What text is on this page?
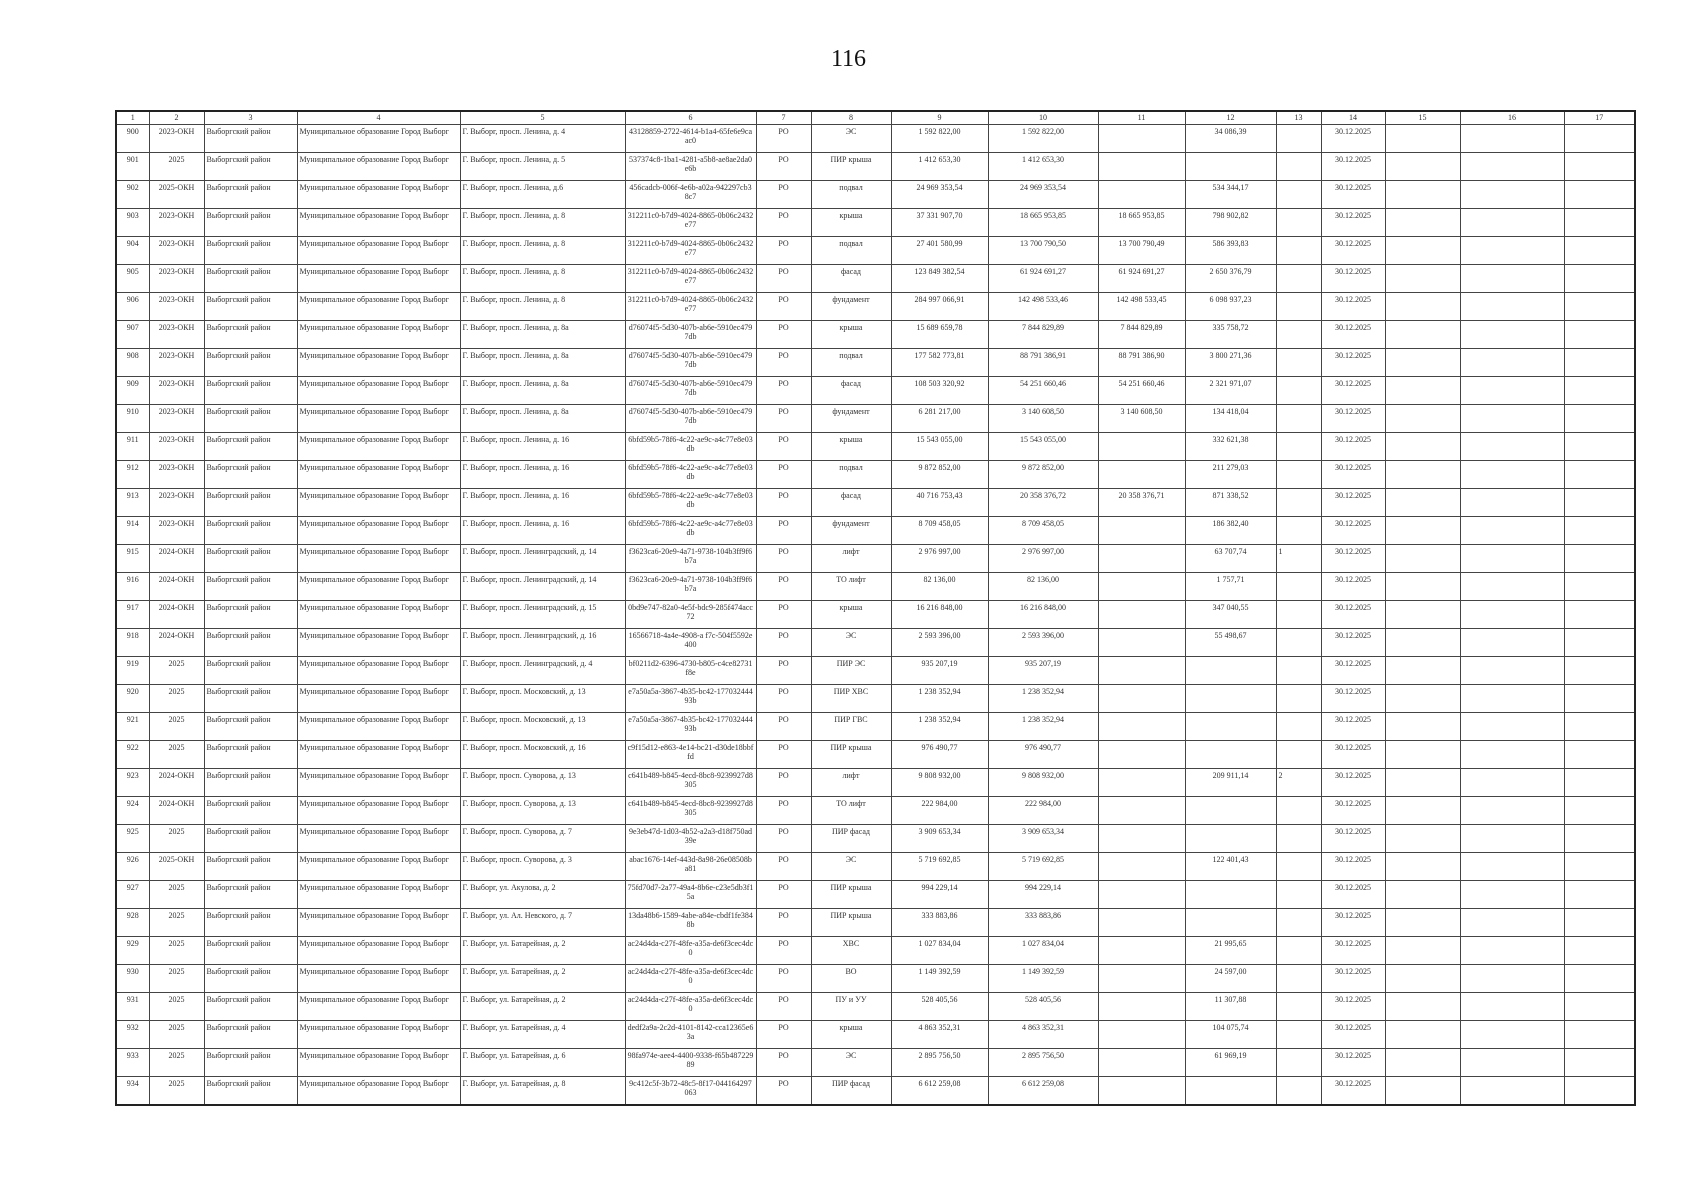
116
1	2	3	4	5	6	7	8	9	10	11	12	13	14	15	16	17
900	2023-ОКН	Выборгский район	Муниципальное образование Город Выборг	Г. Выборг, просп. Ленина, д. 4	43128859-2722-4614-b1a4-65fe6e9caac0	РО	ЭС	1 592 822,00	1 592 822,00		34 086,39		30.12.2025			
901	2025	Выборгский район	Муниципальное образование Город Выборг	Г. Выборг, просп. Ленина, д. 5	537374c8-1ba1-4281-a5b8-ae8ae2da0e6b	РО	ПИР крыша	1 412 653,30	1 412 653,30				30.12.2025			
902	2025-ОКН	Выборгский район	Муниципальное образование Город Выборг	Г. Выборг, просп. Ленина, д.6	456cadcb-006f-4e6b-a02a-942297cb38c7	РО	подвал	24 969 353,54	24 969 353,54		534 344,17		30.12.2025			
903	2023-ОКН	Выборгский район	Муниципальное образование Город Выборг	Г. Выборг, просп. Ленина, д. 8	312211c0-b7d9-4024-8865-0b06c2432e77	РО	крыша	37 331 907,70	18 665 953,85	18 665 953,85	798 902,82		30.12.2025			
904	2023-ОКН	Выборгский район	Муниципальное образование Город Выборг	Г. Выборг, просп. Ленина, д. 8	312211c0-b7d9-4024-8865-0b06c2432e77	РО	подвал	27 401 580,99	13 700 790,50	13 700 790,49	586 393,83		30.12.2025			
905	2023-ОКН	Выборгский район	Муниципальное образование Город Выборг	Г. Выборг, просп. Ленина, д. 8	312211c0-b7d9-4024-8865-0b06c2432e77	РО	фасад	123 849 382,54	61 924 691,27	61 924 691,27	2 650 376,79		30.12.2025			
906	2023-ОКН	Выборгский район	Муниципальное образование Город Выборг	Г. Выборг, просп. Ленина, д. 8	312211c0-b7d9-4024-8865-0b06c2432e77	РО	фундамент	284 997 066,91	142 498 533,46	142 498 533,45	6 098 937,23		30.12.2025			
907	2023-ОКН	Выборгский район	Муниципальное образование Город Выборг	Г. Выборг, просп. Ленина, д. 8а	d76074f5-5d30-407b-ab6e-5910ec4797db	РО	крыша	15 689 659,78	7 844 829,89	7 844 829,89	335 758,72		30.12.2025			
908	2023-ОКН	Выборгский район	Муниципальное образование Город Выборг	Г. Выборг, просп. Ленина, д. 8а	d76074f5-5d30-407b-ab6e-5910ec4797db	РО	подвал	177 582 773,81	88 791 386,91	88 791 386,90	3 800 271,36		30.12.2025			
909	2023-ОКН	Выборгский район	Муниципальное образование Город Выборг	Г. Выборг, просп. Ленина, д. 8а	d76074f5-5d30-407b-ab6e-5910ec4797db	РО	фасад	108 503 320,92	54 251 660,46	54 251 660,46	2 321 971,07		30.12.2025			
910	2023-ОКН	Выборгский район	Муниципальное образование Город Выборг	Г. Выборг, просп. Ленина, д. 8а	d76074f5-5d30-407b-ab6e-5910ec4797db	РО	фундамент	6 281 217,00	3 140 608,50	3 140 608,50	134 418,04		30.12.2025			
911	2023-ОКН	Выборгский район	Муниципальное образование Город Выборг	Г. Выборг, просп. Ленина, д. 16	6bfd59b5-78f6-4c22-ae9c-a4c77e8e03db	РО	крыша	15 543 055,00	15 543 055,00		332 621,38		30.12.2025			
912	2023-ОКН	Выборгский район	Муниципальное образование Город Выборг	Г. Выборг, просп. Ленина, д. 16	6bfd59b5-78f6-4c22-ae9c-a4c77e8e03db	РО	подвал	9 872 852,00	9 872 852,00		211 279,03		30.12.2025			
913	2023-ОКН	Выборгский район	Муниципальное образование Город Выборг	Г. Выборг, просп. Ленина, д. 16	6bfd59b5-78f6-4c22-ae9c-a4c77e8e03db	РО	фасад	40 716 753,43	20 358 376,72	20 358 376,71	871 338,52		30.12.2025			
914	2023-ОКН	Выборгский район	Муниципальное образование Город Выборг	Г. Выборг, просп. Ленина, д. 16	6bfd59b5-78f6-4c22-ae9c-a4c77e8e03db	РО	фундамент	8 709 458,05	8 709 458,05		186 382,40		30.12.2025			
915	2024-ОКН	Выборгский район	Муниципальное образование Город Выборг	Г. Выборг, просп. Ленинградский, д. 14	f3623ca6-20e9-4a71-9738-104b3ff9f6b7a	РО	лифт	2 976 997,00	2 976 997,00		63 707,74	1	30.12.2025			
916	2024-ОКН	Выборгский район	Муниципальное образование Город Выборг	Г. Выборг, просп. Ленинградский, д. 14	f3623ca6-20e9-4a71-9738-104b3ff9f6b7a	РО	ТО лифт	82 136,00	82 136,00		1 757,71		30.12.2025			
917	2024-ОКН	Выборгский район	Муниципальное образование Город Выборг	Г. Выборг, просп. Ленинградский, д. 15	0bd9e747-82a0-4e5f-bdc9-285f474acc72	РО	крыша	16 216 848,00	16 216 848,00		347 040,55		30.12.2025			
918	2024-ОКН	Выборгский район	Муниципальное образование Город Выборг	Г. Выборг, просп. Ленинградский, д. 16	16566718-4a4e-4908-a f7c-504f5592e400	РО	ЭС	2 593 396,00	2 593 396,00		55 498,67		30.12.2025			
919	2025	Выборгский район	Муниципальное образование Город Выборг	Г. Выборг, просп. Ленинградский, д. 4	bf0211d2-6396-4730-b805-c4ce82731f8e	РО	ПИР ЭС	935 207,19	935 207,19				30.12.2025			
920	2025	Выборгский район	Муниципальное образование Город Выборг	Г. Выборг, просп. Московский, д. 13	e7a50a5a-3867-4b35-bc42-17703244493b	РО	ПИР ХВС	1 238 352,94	1 238 352,94				30.12.2025			
921	2025	Выборгский район	Муниципальное образование Город Выборг	Г. Выборг, просп. Московский, д. 13	e7a50a5a-3867-4b35-bc42-17703244493b	РО	ПИР ГВС	1 238 352,94	1 238 352,94				30.12.2025			
922	2025	Выборгский район	Муниципальное образование Город Выборг	Г. Выборг, просп. Московский, д. 16	c9f15d12-e863-4e14-bc21-d30de18bbffd	РО	ПИР крыша	976 490,77	976 490,77				30.12.2025			
923	2024-ОКН	Выборгский район	Муниципальное образование Город Выборг	Г. Выборг, просп. Суворова, д. 13	c641b489-b845-4ecd-8bc8-9239927d8305	РО	лифт	9 808 932,00	9 808 932,00		209 911,14	2	30.12.2025			
924	2024-ОКН	Выборгский район	Муниципальное образование Город Выборг	Г. Выборг, просп. Суворова, д. 13	c641b489-b845-4ecd-8bc8-9239927d8305	РО	ТО лифт	222 984,00	222 984,00				30.12.2025			
925	2025	Выборгский район	Муниципальное образование Город Выборг	Г. Выборг, просп. Суворова, д. 7	9e3eb47d-1d03-4b52-a2a3-d18f750ad39e	РО	ПИР фасад	3 909 653,34	3 909 653,34				30.12.2025			
926	2025-ОКН	Выборгский район	Муниципальное образование Город Выборг	Г. Выборг, просп. Суворова, д. 3	abac1676-14ef-443d-8a98-26e08508ba81	РО	ЭС	5 719 692,85	5 719 692,85		122 401,43		30.12.2025			
927	2025	Выборгский район	Муниципальное образование Город Выборг	Г. Выборг, ул. Акулова, д. 2	75fd70d7-2a77-49a4-8b6e-c23e5db3f15a	РО	ПИР крыша	994 229,14	994 229,14				30.12.2025			
928	2025	Выборгский район	Муниципальное образование Город Выборг	Г. Выборг, ул. Ал. Невского, д. 7	13da48b6-1589-4abe-a84e-cbdf1fe3848b	РО	ПИР крыша	333 883,86	333 883,86				30.12.2025			
929	2025	Выборгский район	Муниципальное образование Город Выборг	Г. Выборг, ул. Батарейная, д. 2	ac24d4da-c27f-48fe-a35a-de6f3cec4dc0	РО	ХВС	1 027 834,04	1 027 834,04		21 995,65		30.12.2025			
930	2025	Выборгский район	Муниципальное образование Город Выборг	Г. Выборг, ул. Батарейная, д. 2	ac24d4da-c27f-48fe-a35a-de6f3cec4dc0	РО	ВО	1 149 392,59	1 149 392,59		24 597,00		30.12.2025			
931	2025	Выборгский район	Муниципальное образование Город Выборг	Г. Выборг, ул. Батарейная, д. 2	ac24d4da-c27f-48fe-a35a-de6f3cec4dc0	РО	ПУ и УУ	528 405,56	528 405,56		11 307,88		30.12.2025			
932	2025	Выборгский район	Муниципальное образование Город Выборг	Г. Выборг, ул. Батарейная, д. 4	dedf2a9a-2c2d-4101-8142-cca12365e63a	РО	крыша	4 863 352,31	4 863 352,31		104 075,74		30.12.2025			
933	2025	Выборгский район	Муниципальное образование Город Выборг	Г. Выборг, ул. Батарейная, д. 6	98fa974e-aee4-4400-9338-f65b48722989	РО	ЭС	2 895 756,50	2 895 756,50		61 969,19		30.12.2025			
934	2025	Выборгский район	Муниципальное образование Город Выборг	Г. Выборг, ул. Батарейная, д. 8	9c412c5f-3b72-48c5-8f17-044164297063	РО	ПИР фасад	6 612 259,08	6 612 259,08				30.12.2025			
